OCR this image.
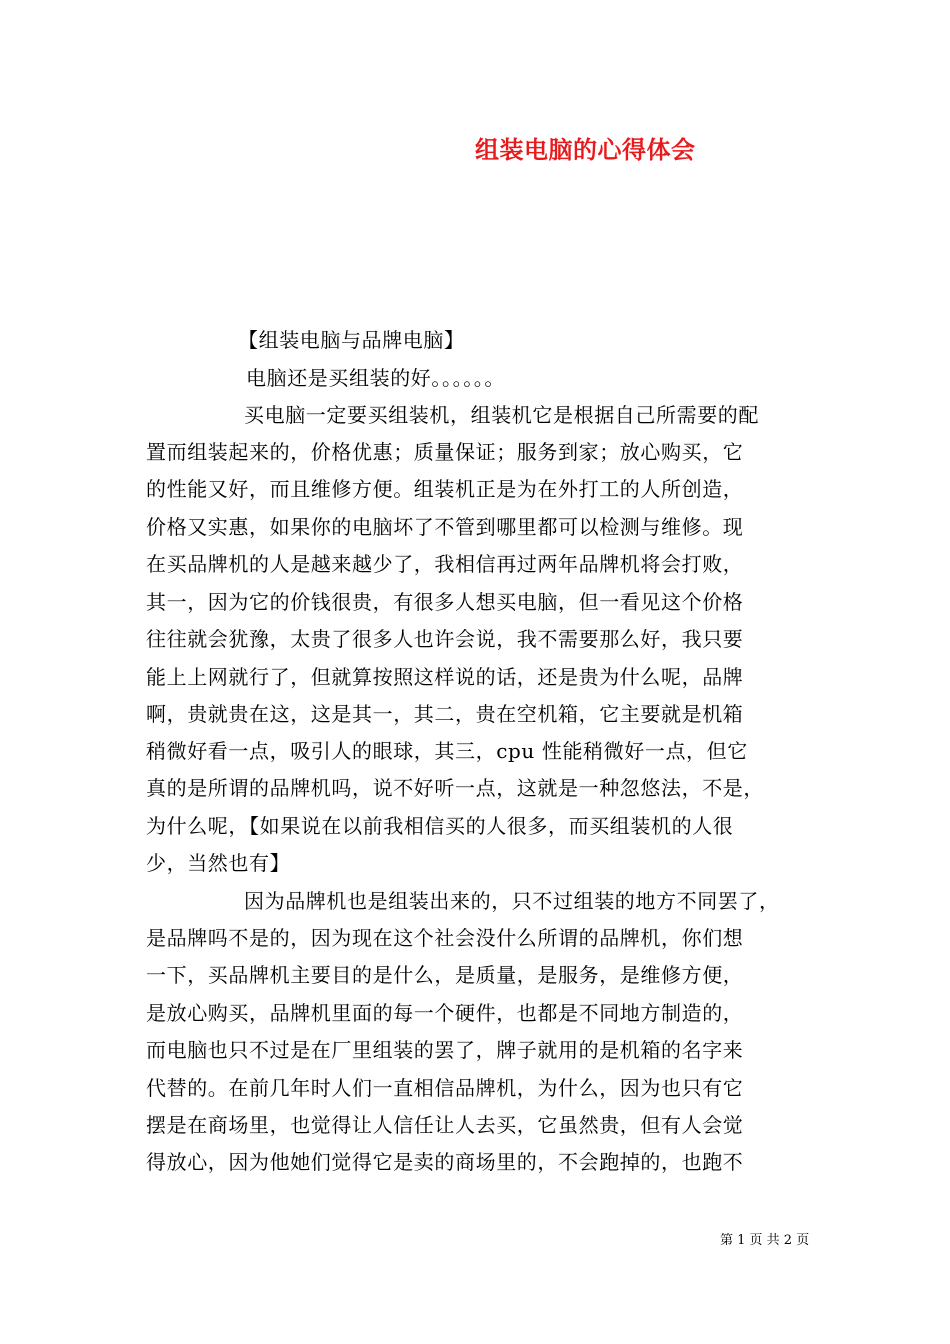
组装电脑的心得体会
【组装电脑与品牌电脑】
电脑还是买组装的好。。。。。。
买电脑一定要买组装机，组装机它是根据自己所需要的配
置而组装起来的，价格优惠；质量保证；服务到家；放心购买，它
的性能又好，而且维修方便。组装机正是为在外打工的人所创造，
价格又实惠，如果你的电脑坏了不管到哪里都可以检测与维修。现
在买品牌机的人是越来越少了，我相信再过两年品牌机将会打败，
其一，因为它的价钱很贵，有很多人想买电脑，但一看见这个价格
往往就会犹豫，太贵了很多人也许会说，我不需要那么好，我只要
能上上网就行了，但就算按照这样说的话，还是贵为什么呢，品牌
啊，贵就贵在这，这是其一，其二，贵在空机箱，它主要就是机箱
稍微好看一点，吸引人的眼球，其三，cpu 性能稍微好一点，但它
真的是所谓的品牌机吗，说不好听一点，这就是一种忽悠法，不是，
为什么呢，【如果说在以前我相信买的人很多，而买组装机的人很
少，当然也有】
因为品牌机也是组装出来的，只不过组装的地方不同罢了，
是品牌吗不是的，因为现在这个社会没什么所谓的品牌机，你们想
一下，买品牌机主要目的是什么，是质量，是服务，是维修方便，
是放心购买，品牌机里面的每一个硬件，也都是不同地方制造的，
而电脑也只不过是在厂里组装的罢了，牌子就用的是机箱的名字来
代替的。在前几年时人们一直相信品牌机，为什么，因为也只有它
摆是在商场里，也觉得让人信任让人去买，它虽然贵，但有人会觉
得放心，因为他她们觉得它是卖的商场里的，不会跑掉的，也跑不
第 1 页 共 2 页
